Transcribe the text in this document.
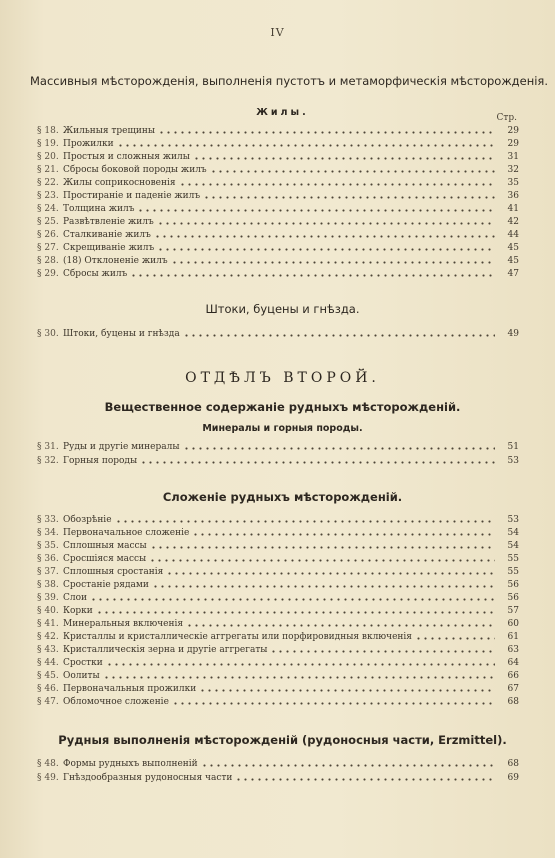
IV
Массивныя мѣсторожденія, выполненія пустотъ и метаморфическія мѣсторожденія.
Жилы.	Стр.
§ 18. Жильныя трещины	29
§ 19. Прожилки	29
§ 20. Простыя и сложныя жилы	31
§ 21. Сбросы боковой породы жилъ	32
§ 22. Жилы соприкосновенія	35
§ 23. Простираніе и паденіе жилъ	36
§ 24. Толщина жилъ	41
§ 25. Развѣтвленіе жилъ	42
§ 26. Сталкиваніе жилъ	44
§ 27. Скрещиваніе жилъ	45
§ 28. (18) Отклоненіе жилъ	45
§ 29. Сбросы жилъ	47
Штоки, буцены и гнѣзда.
§ 30. Штоки, буцены и гнѣзда	49
ОТДѢЛЪ ВТОРОЙ.
Вещественное содержаніе рудныхъ мѣсторожденій.
Минералы и горныя породы.
§ 31. Руды и другіе минералы	51
§ 32. Горныя породы	53
Сложеніе рудныхъ мѣсторожденій.
§ 33. Обозрѣніе	53
§ 34. Первоначальное сложеніе	54
§ 35. Сплошныя массы	54
§ 36. Сросшіяся массы	55
§ 37. Сплошныя сростанія	55
§ 38. Сростаніе рядами	56
§ 39. Слои	56
§ 40. Корки	57
§ 41. Минеральныя включенія	60
§ 42. Кристаллы и кристаллическіе аггрегаты или порфировидныя включенія	61
§ 43. Кристаллическія зерна и другіе аггрегаты	63
§ 44. Сростки	64
§ 45. Оолиты	66
§ 46. Первоначальныя прожилки	67
§ 47. Обломочное сложеніе	68
Рудныя выполненія мѣсторожденій (рудоносныя части, Erzmittel).
§ 48. Формы рудныхъ выполненій	68
§ 49. Гнѣздообразныя рудоносныя части	69
